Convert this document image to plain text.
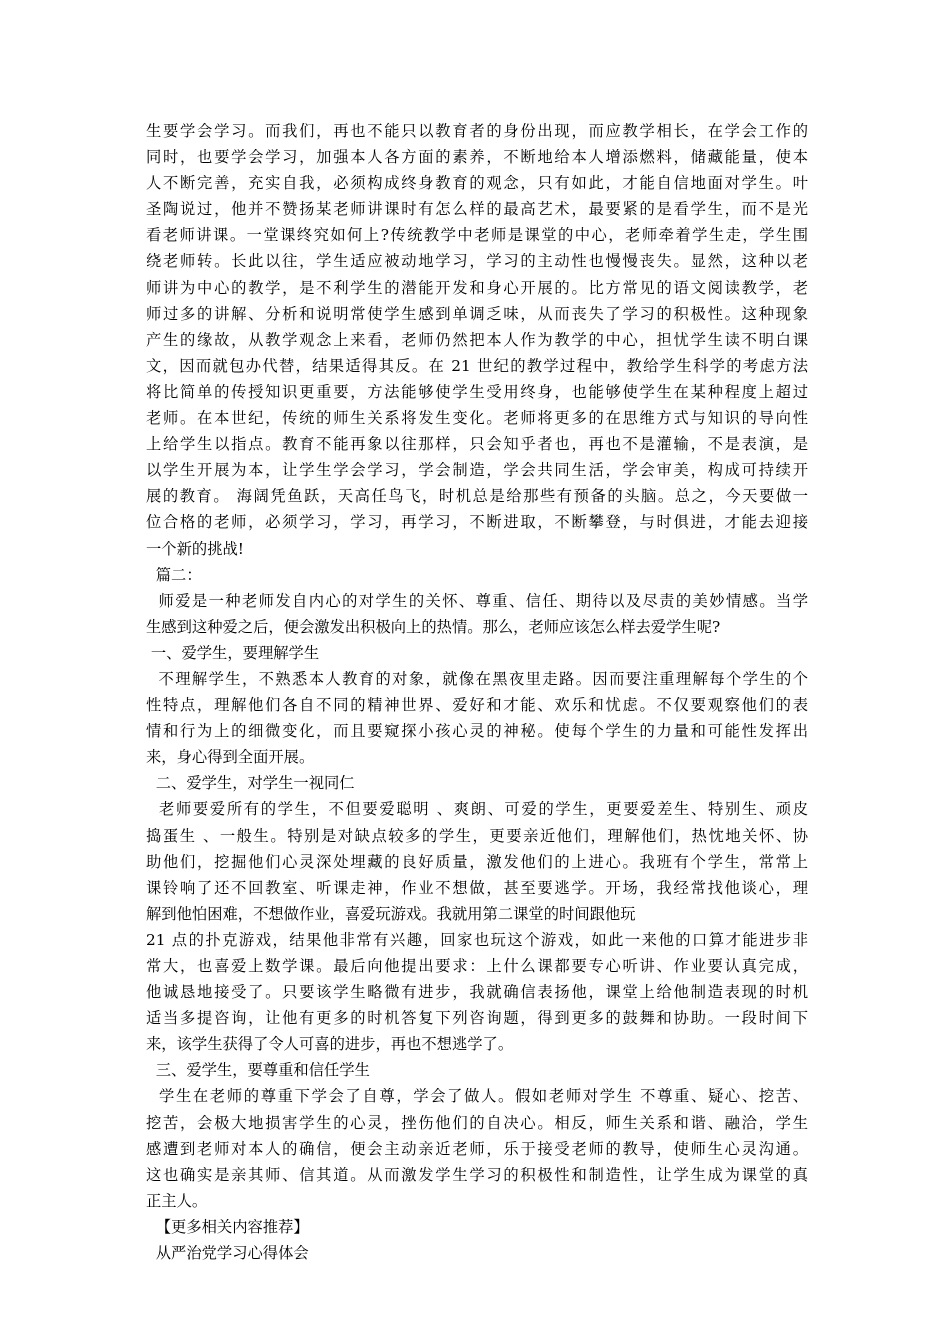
生要学会学习。而我们，再也不能只以教育者的身份出现，而应教学相长，在学会工作的
同时，也要学会学习，加强本人各方面的素养，不断地给本人增添燃料，储藏能量，使本
人不断完善，充实自我，必须构成终身教育的观念，只有如此，才能自信地面对学生。叶
圣陶说过，他并不赞扬某老师讲课时有怎么样的最高艺术，最要紧的是看学生，而不是光
看老师讲课。一堂课终究如何上?传统教学中老师是课堂的中心，老师牵着学生走，学生围
绕老师转。长此以往，学生适应被动地学习，学习的主动性也慢慢丧失。显然，这种以老
师讲为中心的教学，是不利学生的潜能开发和身心开展的。比方常见的语文阅读教学，老
师过多的讲解、分析和说明常使学生感到单调乏味，从而丧失了学习的积极性。这种现象
产生的缘故，从教学观念上来看，老师仍然把本人作为教学的中心，担忧学生读不明白课
文，因而就包办代替，结果适得其反。在 21 世纪的教学过程中，教给学生科学的考虑方法
将比简单的传授知识更重要，方法能够使学生受用终身，也能够使学生在某种程度上超过
老师。在本世纪，传统的师生关系将发生变化。老师将更多的在思维方式与知识的导向性
上给学生以指点。教育不能再象以往那样，只会知乎者也，再也不是灌输，不是表演，是
以学生开展为本，让学生学会学习，学会制造，学会共同生活，学会审美，构成可持续开
展的教育。 海阔凭鱼跃，天高任鸟飞，时机总是给那些有预备的头脑。总之，今天要做一
位合格的老师，必须学习，学习，再学习，不断进取，不断攀登，与时俱进，才能去迎接
一个新的挑战!
篇二：
师爱是一种老师发自内心的对学生的关怀、尊重、信任、期待以及尽责的美妙情感。当学
生感到这种爱之后，便会激发出积极向上的热情。那么，老师应该怎么样去爱学生呢?
一、爱学生，要理解学生
不理解学生，不熟悉本人教育的对象，就像在黑夜里走路。因而要注重理解每个学生的个
性特点，理解他们各自不同的精神世界、爱好和才能、欢乐和忧虑。不仅要观察他们的表
情和行为上的细微变化，而且要窥探小孩心灵的神秘。使每个学生的力量和可能性发挥出
来，身心得到全面开展。
二、爱学生，对学生一视同仁
老师要爱所有的学生，不但要爱聪明 、爽朗、可爱的学生，更要爱差生、特别生、顽皮
捣蛋生 、一般生。特别是对缺点较多的学生，更要亲近他们，理解他们，热忱地关怀、协
助他们，挖掘他们心灵深处埋藏的良好质量，激发他们的上进心。我班有个学生，常常上
课铃响了还不回教室、听课走神，作业不想做，甚至要逃学。开场，我经常找他谈心，理
解到他怕困难，不想做作业，喜爱玩游戏。我就用第二课堂的时间跟他玩
21 点的扑克游戏，结果他非常有兴趣，回家也玩这个游戏，如此一来他的口算才能进步非
常大，也喜爱上数学课。最后向他提出要求：上什么课都要专心听讲、作业要认真完成，
他诚恳地接受了。只要该学生略微有进步，我就确信表扬他，课堂上给他制造表现的时机
适当多提咨询，让他有更多的时机答复下列咨询题，得到更多的鼓舞和协助。一段时间下
来，该学生获得了令人可喜的进步，再也不想逃学了。
三、爱学生，要尊重和信任学生
学生在老师的尊重下学会了自尊，学会了做人。假如老师对学生 不尊重、疑心、挖苦、
挖苦，会极大地损害学生的心灵，挫伤他们的自决心。相反，师生关系和谐、融洽，学生
感遭到老师对本人的确信，便会主动亲近老师，乐于接受老师的教导，使师生心灵沟通。
这也确实是亲其师、信其道。从而激发学生学习的积极性和制造性，让学生成为课堂的真
正主人。
【更多相关内容推荐】
从严治党学习心得体会
